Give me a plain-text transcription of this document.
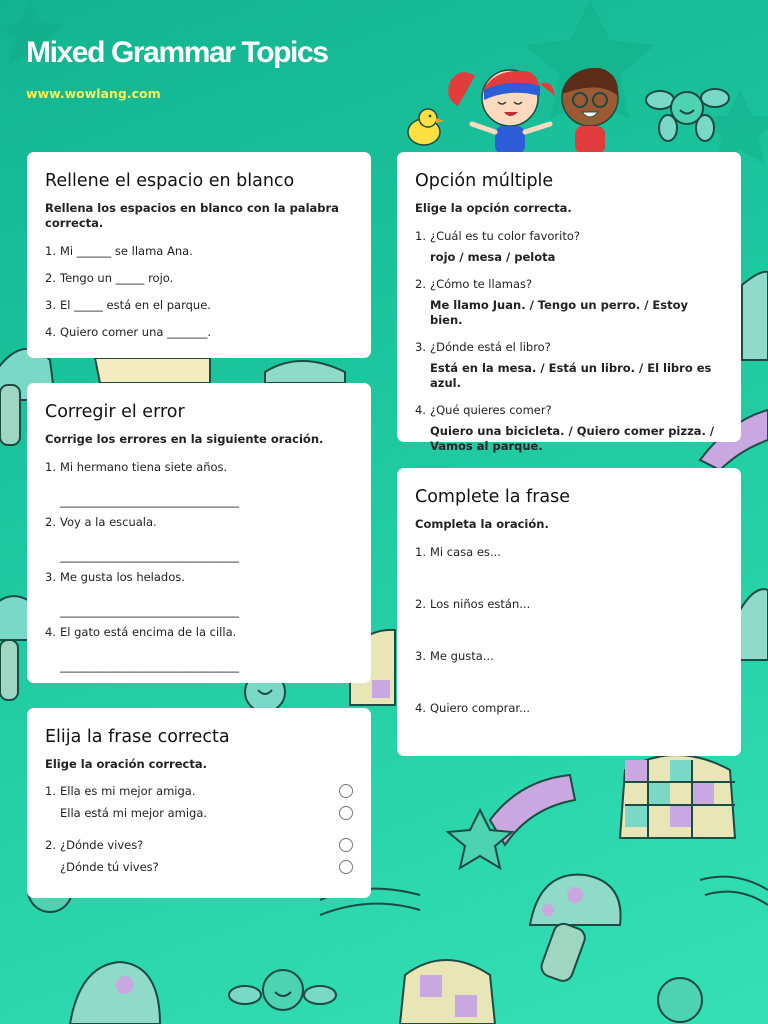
Mixed Grammar Topics
www.wowlang.com
Rellene el espacio en blanco
Rellena los espacios en blanco con la palabra correcta.
1. Mi ______ se llama Ana.
2. Tengo un _____ rojo.
3. El _____ está en el parque.
4. Quiero comer una _______.
Corregir el error
Corrige los errores en la siguiente oración.
1. Mi hermano tiena siete años.
__________________________________
2. Voy a la escuala.
__________________________________
3. Me gusta los helados.
__________________________________
4. El gato está encima de la cilla.
__________________________________
Elija la frase correcta
Elige la oración correcta.
1. Ella es mi mejor amiga.
Ella está mi mejor amiga.
2. ¿Dónde vives?
¿Dónde tú vives?
Opción múltiple
Elige la opción correcta.
1. ¿Cuál es tu color favorito?
rojo / mesa / pelota
2. ¿Cómo te llamas?
Me llamo Juan. / Tengo un perro. / Estoy bien.
3. ¿Dónde está el libro?
Está en la mesa. / Está un libro. / El libro es azul.
4. ¿Qué quieres comer?
Quiero una bicicleta. / Quiero comer pizza. / Vamos al parque.
Complete la frase
Completa la oración.
1. Mi casa es...
2. Los niños están...
3. Me gusta...
4. Quiero comprar...
